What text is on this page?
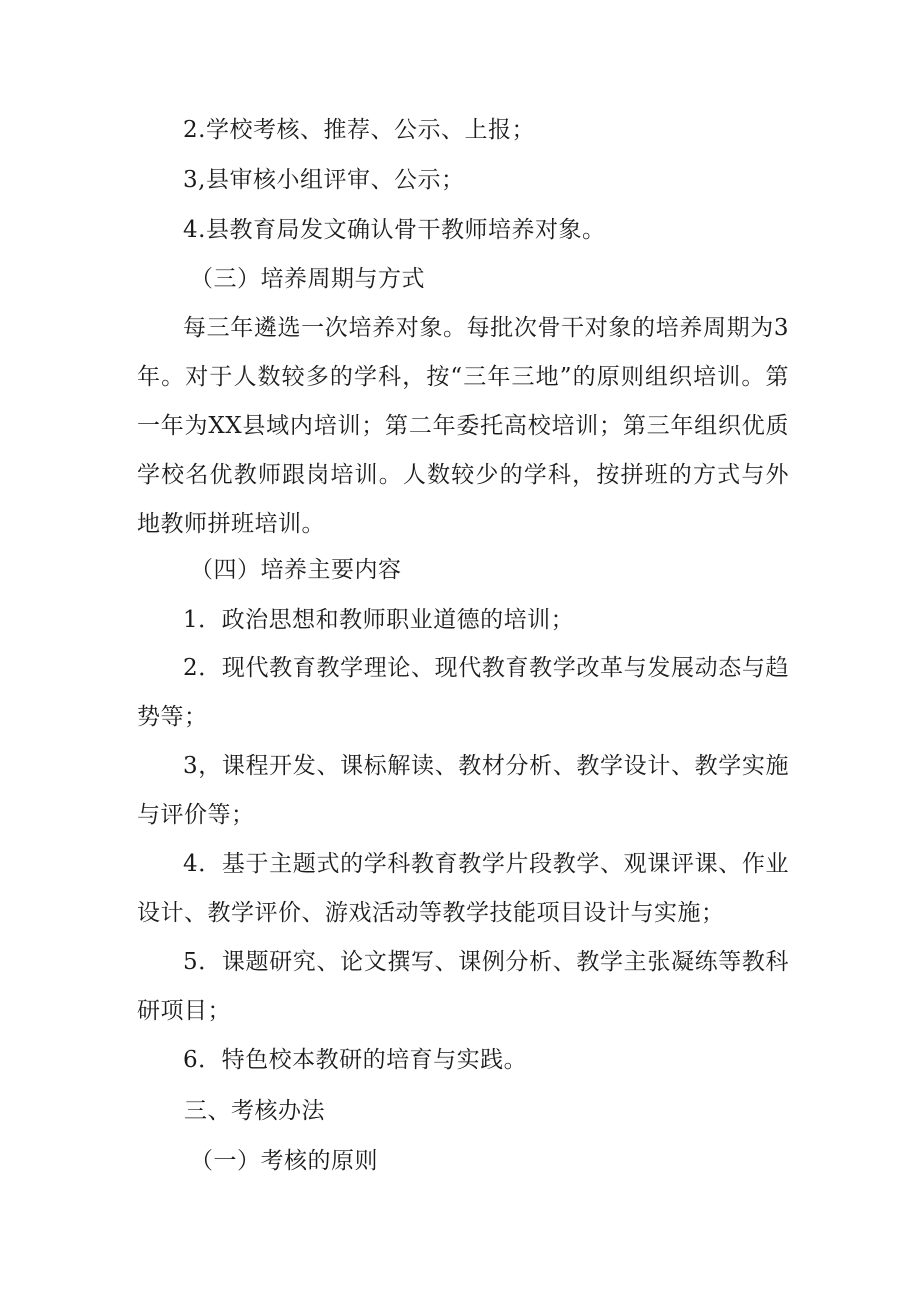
2.学校考核、推荐、公示、上报；

3,县审核小组评审、公示；

4.县教育局发文确认骨干教师培养对象。

（三）培养周期与方式

每三年遴选一次培养对象。每批次骨干对象的培养周期为3年。对于人数较多的学科，按“三年三地”的原则组织培训。第一年为XX县域内培训；第二年委托高校培训；第三年组织优质学校名优教师跟岗培训。人数较少的学科，按拼班的方式与外地教师拼班培训。

（四）培养主要内容

1．政治思想和教师职业道德的培训；

2．现代教育教学理论、现代教育教学改革与发展动态与趋势等；

3，课程开发、课标解读、教材分析、教学设计、教学实施与评价等；

4．基于主题式的学科教育教学片段教学、观课评课、作业设计、教学评价、游戏活动等教学技能项目设计与实施；

5．课题研究、论文撰写、课例分析、教学主张凝练等教科研项目；

6．特色校本教研的培育与实践。

三、考核办法

（一）考核的原则
